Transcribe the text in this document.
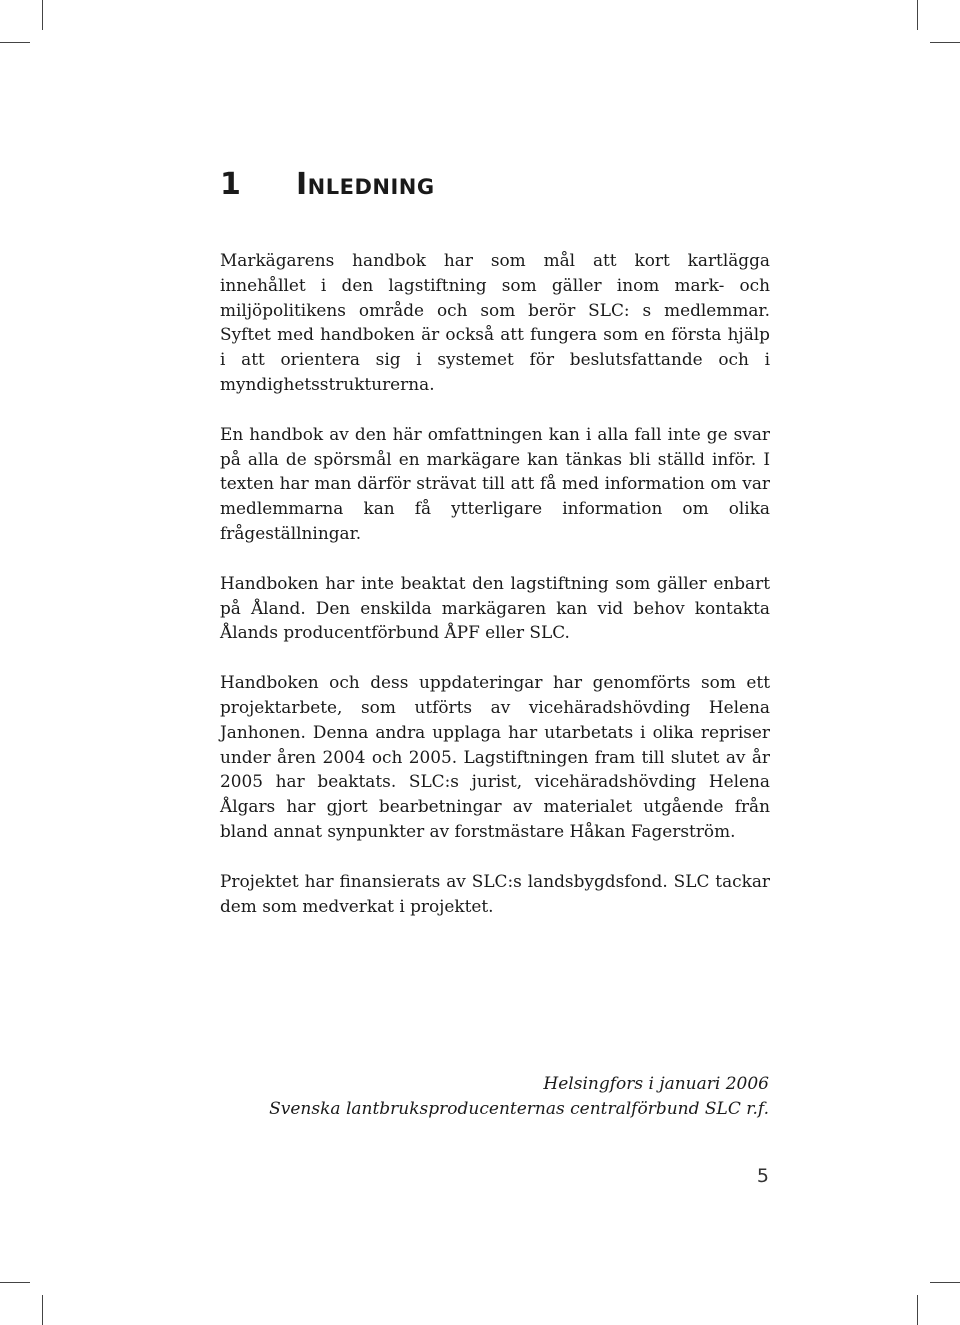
1 Inledning

Markägarens handbok har som mål att kort kartlägga innehållet i den lagstiftning som gäller inom mark- och miljöpolitikens område och som berör SLC: s medlemmar. Syftet med handboken är också att fungera som en första hjälp i att orientera sig i systemet för beslutsfattande och i myndighetsstrukturerna.

En handbok av den här omfattningen kan i alla fall inte ge svar på alla de spörsmål en markägare kan tänkas bli ställd inför. I texten har man därför strävat till att få med information om var medlemmarna kan få ytterligare information om olika frågeställningar.

Handboken har inte beaktat den lagstiftning som gäller enbart på Åland. Den enskilda markägaren kan vid behov kontakta Ålands producentförbund ÅPF eller SLC.

Handboken och dess uppdateringar har genomförts som ett projektarbete, som utförts av vicehäradshövding Helena Janhonen. Denna andra upplaga har utarbetats i olika repriser under åren 2004 och 2005. Lagstiftningen fram till slutet av år 2005 har beaktats. SLC:s jurist, vicehäradshövding Helena Ålgars har gjort bearbetningar av materialet utgående från bland annat synpunkter av forstmästare Håkan Fagerström.

Projektet har finansierats av SLC:s landsbygdsfond. SLC tackar dem som medverkat i projektet.

Helsingfors i januari 2006
Svenska lantbruksproducenternas centralförbund SLC r.f.
5
